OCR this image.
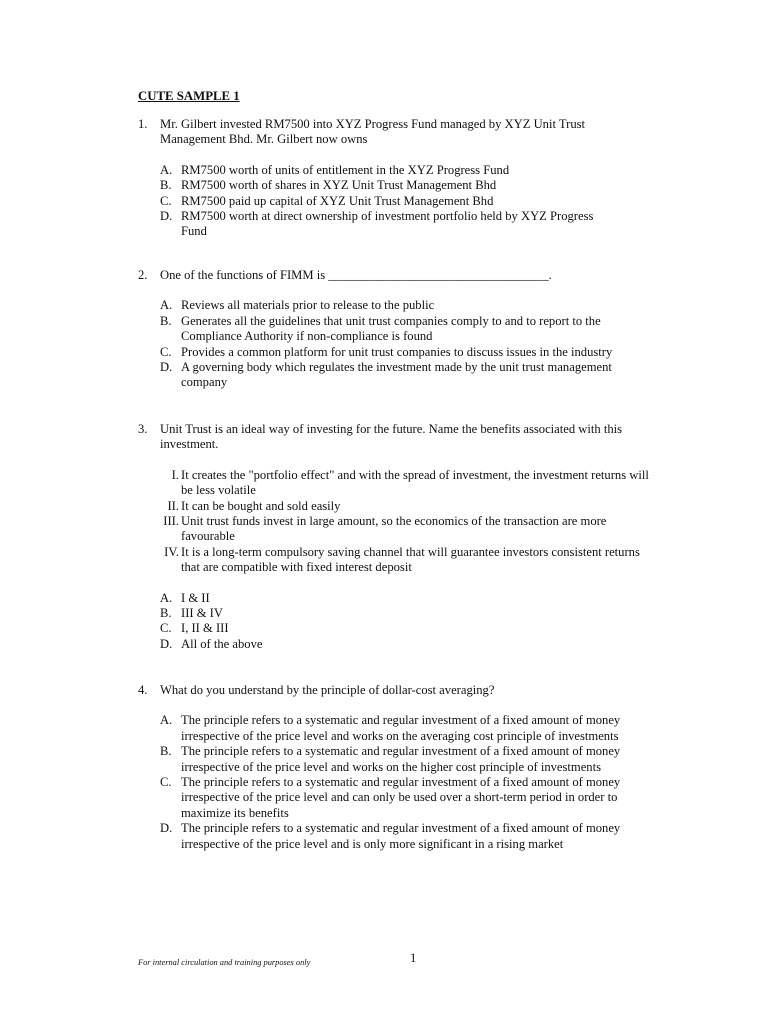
CUTE SAMPLE 1
1. Mr. Gilbert invested RM7500 into XYZ Progress Fund managed by XYZ Unit Trust Management Bhd. Mr. Gilbert now owns
A. RM7500 worth of units of entitlement in the XYZ Progress Fund
B. RM7500 worth of shares in XYZ Unit Trust Management Bhd
C. RM7500 paid up capital of XYZ Unit Trust Management Bhd
D. RM7500 worth at direct ownership of investment portfolio held by XYZ Progress Fund
2. One of the functions of FIMM is ___________________________________.
A. Reviews all materials prior to release to the public
B. Generates all the guidelines that unit trust companies comply to and to report to the Compliance Authority if non-compliance is found
C. Provides a common platform for unit trust companies to discuss issues in the industry
D. A governing body which regulates the investment made by the unit trust management company
3. Unit Trust is an ideal way of investing for the future. Name the benefits associated with this investment.
I. It creates the "portfolio effect" and with the spread of investment, the investment returns will be less volatile
II. It can be bought and sold easily
III. Unit trust funds invest in large amount, so the economics of the transaction are more favourable
IV. It is a long-term compulsory saving channel that will guarantee investors consistent returns that are compatible with fixed interest deposit
A. I & II
B. III & IV
C. I, II & III
D. All of the above
4. What do you understand by the principle of dollar-cost averaging?
A. The principle refers to a systematic and regular investment of a fixed amount of money irrespective of the price level and works on the averaging cost principle of investments
B. The principle refers to a systematic and regular investment of a fixed amount of money irrespective of the price level and works on the higher cost principle of investments
C. The principle refers to a systematic and regular investment of a fixed amount of money irrespective of the price level and can only be used over a short-term period in order to maximize its benefits
D. The principle refers to a systematic and regular investment of a fixed amount of money irrespective of the price level and is only more significant in a rising market
For internal circulation and training purposes only	1
